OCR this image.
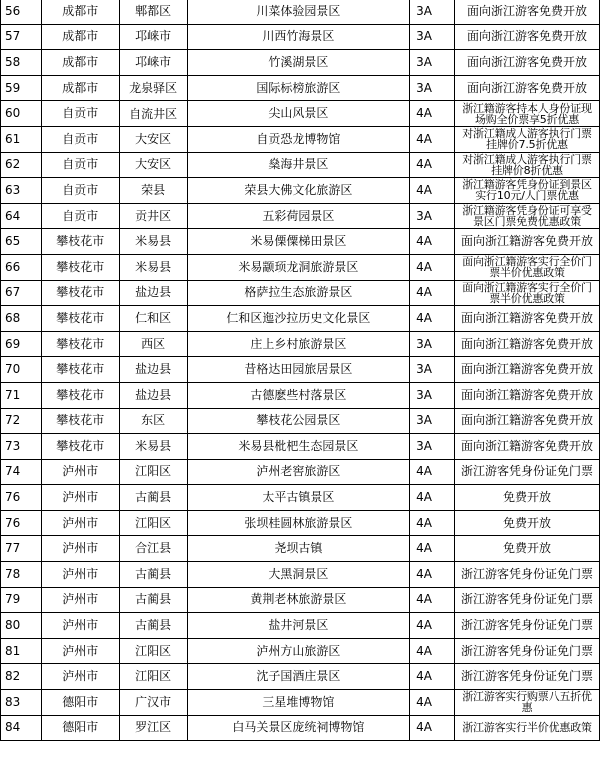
56	成都市	郫都区	川菜体验园景区	3A	面向浙江游客免费开放
57	成都市	邛崃市	川西竹海景区	3A	面向浙江游客免费开放
58	成都市	邛崃市	竹溪湖景区	3A	面向浙江游客免费开放
59	成都市	龙泉驿区	国际标榜旅游区	3A	面向浙江游客免费开放
60	自贡市	自流井区	尖山风景区	4A	浙江籍游客持本人身份证现场购全价票享5折优惠
61	自贡市	大安区	自贡恐龙博物馆	4A	对浙江籍成人游客执行门票挂牌价7.5折优惠
62	自贡市	大安区	燊海井景区	4A	对浙江籍成人游客执行门票挂牌价8折优惠
63	自贡市	荣县	荣县大佛文化旅游区	4A	浙江籍游客凭身份证到景区实行10元/人门票优惠
64	自贡市	贡井区	五彩荷园景区	3A	浙江籍游客凭身份证可享受景区门票免费优惠政策
65	攀枝花市	米易县	米易傈僳梯田景区	4A	面向浙江籍游客免费开放
66	攀枝花市	米易县	米易颛顼龙洞旅游景区	4A	面向浙江籍游客实行全价门票半价优惠政策
67	攀枝花市	盐边县	格萨拉生态旅游景区	4A	面向浙江籍游客实行全价门票半价优惠政策
68	攀枝花市	仁和区	仁和区迤沙拉历史文化景区	4A	面向浙江籍游客免费开放
69	攀枝花市	西区	庄上乡村旅游景区	3A	面向浙江籍游客免费开放
70	攀枝花市	盐边县	昔格达田园旅居景区	3A	面向浙江籍游客免费开放
71	攀枝花市	盐边县	古德麽些村落景区	3A	面向浙江籍游客免费开放
72	攀枝花市	东区	攀枝花公园景区	3A	面向浙江籍游客免费开放
73	攀枝花市	米易县	米易县枇杷生态园景区	3A	面向浙江籍游客免费开放
74	泸州市	江阳区	泸州老窖旅游区	4A	浙江游客凭身份证免门票
76	泸州市	古蔺县	太平古镇景区	4A	免费开放
76	泸州市	江阳区	张坝桂圆林旅游景区	4A	免费开放
77	泸州市	合江县	尧坝古镇	4A	免费开放
78	泸州市	古蔺县	大黑洞景区	4A	浙江游客凭身份证免门票
79	泸州市	古蔺县	黄荆老林旅游景区	4A	浙江游客凭身份证免门票
80	泸州市	古蔺县	盐井河景区	4A	浙江游客凭身份证免门票
81	泸州市	江阳区	泸州方山旅游区	4A	浙江游客凭身份证免门票
82	泸州市	江阳区	沈子国酒庄景区	4A	浙江游客凭身份证免门票
83	德阳市	广汉市	三星堆博物馆	4A	浙江游客实行购票八五折优惠
84	德阳市	罗江区	白马关景区庞统祠博物馆	4A	浙江游客实行半价优惠政策
